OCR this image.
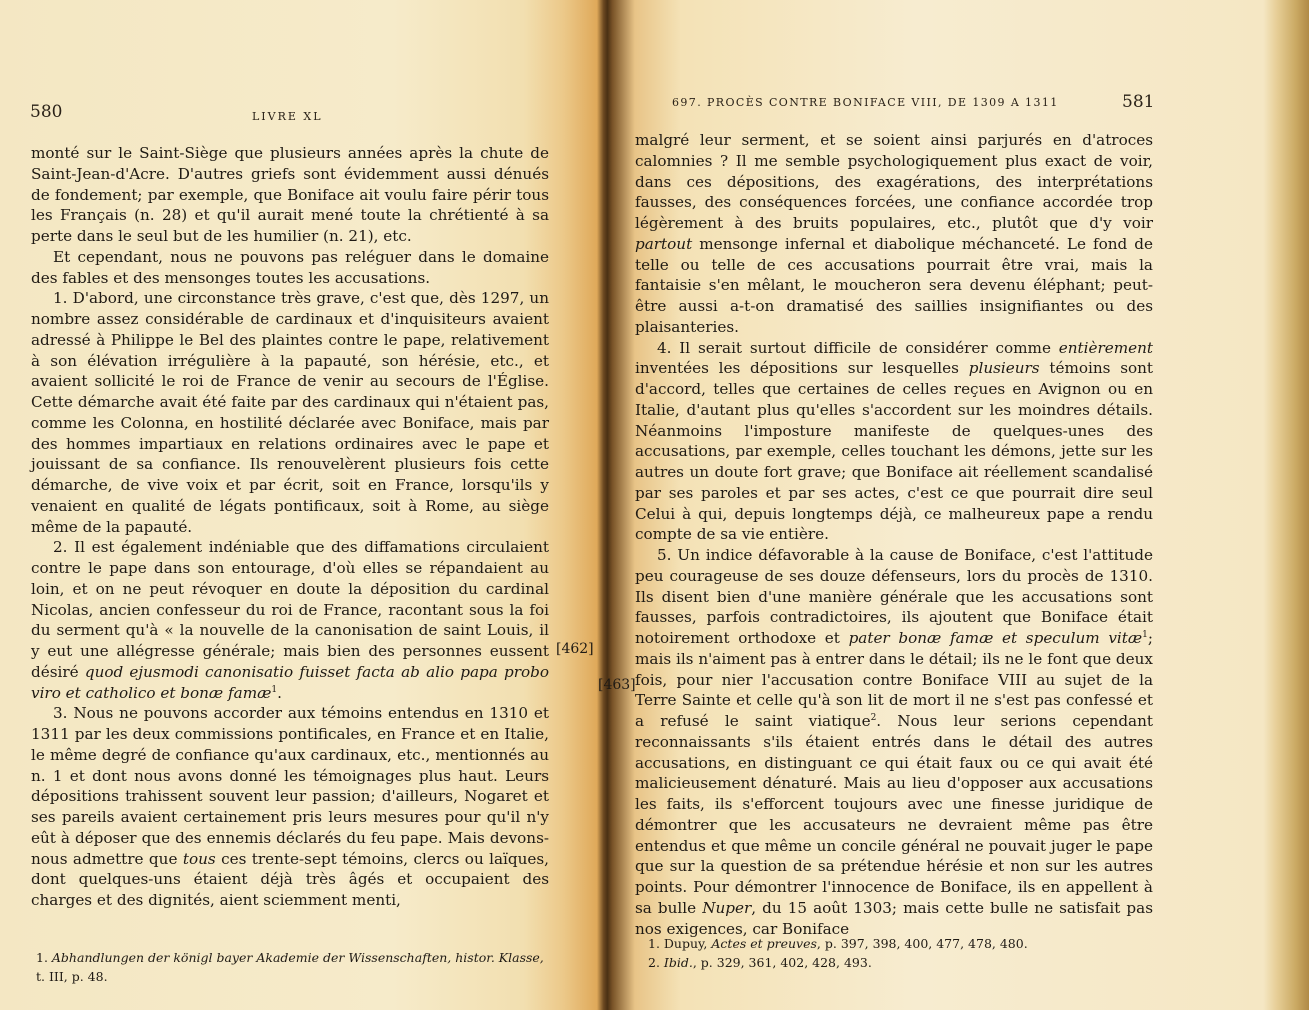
580	LIVRE XL

monté sur le Saint-Siège que plusieurs années après la chute de Saint-Jean-d'Acre. D'autres griefs sont évidemment aussi dénués de fondement; par exemple, que Boniface ait voulu faire périr tous les Français (n. 28) et qu'il aurait mené toute la chrétienté à sa perte dans le seul but de les humilier (n. 21), etc.

Et cependant, nous ne pouvons pas reléguer dans le domaine des fables et des mensonges toutes les accusations.

1. D'abord, une circonstance très grave, c'est que, dès 1297, un nombre assez considérable de cardinaux et d'inquisiteurs avaient adressé à Philippe le Bel des plaintes contre le pape, relativement à son élévation irrégulière à la papauté, son hérésie, etc., et avaient sollicité le roi de France de venir au secours de l'Église. Cette démarche avait été faite par des cardinaux qui n'étaient pas, comme les Colonna, en hostilité déclarée avec Boniface, mais par des hommes impartiaux en relations ordinaires avec le pape et jouissant de sa confiance. Ils renouvelèrent plusieurs fois cette démarche, de vive voix et par écrit, soit en France, lorsqu'ils y venaient en qualité de légats pontificaux, soit à Rome, au siège même de la papauté.

2. Il est également indéniable que des diffamations circulaient contre le pape dans son entourage, d'où elles se répandaient au loin, et on ne peut révoquer en doute la déposition du cardinal Nicolas, ancien confesseur du roi de France, racontant sous la foi du serment qu'à « la nouvelle de la canonisation de saint Louis, il y eut une allégresse générale; mais bien des personnes eussent désiré quod ejusmodi canonisatio fuisset facta ab alio papa probo viro et catholico et bonæ famæ$^1$.

3. Nous ne pouvons accorder aux témoins entendus en 1310 et 1311 par les deux commissions pontificales, en France et en Italie, le même degré de confiance qu'aux cardinaux, etc., mentionnés au n. 1 et dont nous avons donné les témoignages plus haut. Leurs dépositions trahissent souvent leur passion; d'ailleurs, Nogaret et ses pareils avaient certainement pris leurs mesures pour qu'il n'y eût à déposer que des ennemis déclarés du feu pape. Mais devons-nous admettre que tous ces trente-sept témoins, clercs ou laïques, dont quelques-uns étaient déjà très âgés et occupaient des charges et des dignités, aient sciemment menti,

1. Abhandlungen der königl bayer Akademie der Wissenschaften, histor. Klasse,

t. III, p. 48.

[462]
697. PROCÈS CONTRE BONIFACE VIII, DE 1309 A 1311	581

malgré leur serment, et se soient ainsi parjurés en d'atroces calomnies ? Il me semble psychologiquement plus exact de voir, dans ces dépositions, des exagérations, des interprétations fausses, des conséquences forcées, une confiance accordée trop légèrement à des bruits populaires, etc., plutôt que d'y voir partout mensonge infernal et diabolique méchanceté. Le fond de telle ou telle de ces accusations pourrait être vrai, mais la fantaisie s'en mêlant, le moucheron sera devenu éléphant; peut-être aussi a-t-on dramatisé des saillies insignifiantes ou des plaisanteries.

4. Il serait surtout difficile de considérer comme entièrement inventées les dépositions sur lesquelles plusieurs témoins sont d'accord, telles que certaines de celles reçues en Avignon ou en Italie, d'autant plus qu'elles s'accordent sur les moindres détails. Néanmoins l'imposture manifeste de quelques-unes des accusations, par exemple, celles touchant les démons, jette sur les autres un doute fort grave; que Boniface ait réellement scandalisé par ses paroles et par ses actes, c'est ce que pourrait dire seul Celui à qui, depuis longtemps déjà, ce malheureux pape a rendu compte de sa vie entière.

5. Un indice défavorable à la cause de Boniface, c'est l'attitude peu courageuse de ses douze défenseurs, lors du procès de 1310. Ils disent bien d'une manière générale que les accusations sont fausses, parfois contradictoires, ils ajoutent que Boniface était notoirement orthodoxe et pater bonæ famæ et speculum vitæ$^1$; mais ils n'aiment pas à entrer dans le détail; ils ne le font que deux fois, pour nier l'accusation contre Boniface VIII au sujet de la Terre Sainte et celle qu'à son lit de mort il ne s'est pas confessé et a refusé le saint viatique$^2$. Nous leur serions cependant reconnaissants s'ils étaient entrés dans le détail des autres accusations, en distinguant ce qui était faux ou ce qui avait été malicieusement dénaturé. Mais au lieu d'opposer aux accusations les faits, ils s'efforcent toujours avec une finesse juridique de démontrer que les accusateurs ne devraient même pas être entendus et que même un concile général ne pouvait juger le pape que sur la question de sa prétendue hérésie et non sur les autres points. Pour démontrer l'innocence de Boniface, ils en appellent à sa bulle Nuper, du 15 août 1303; mais cette bulle ne satisfait pas nos exigences, car Boniface

1. Dupuy, Actes et preuves, p. 397, 398, 400, 477, 478, 480.

2. Ibid., p. 329, 361, 402, 428, 493.

[463]
